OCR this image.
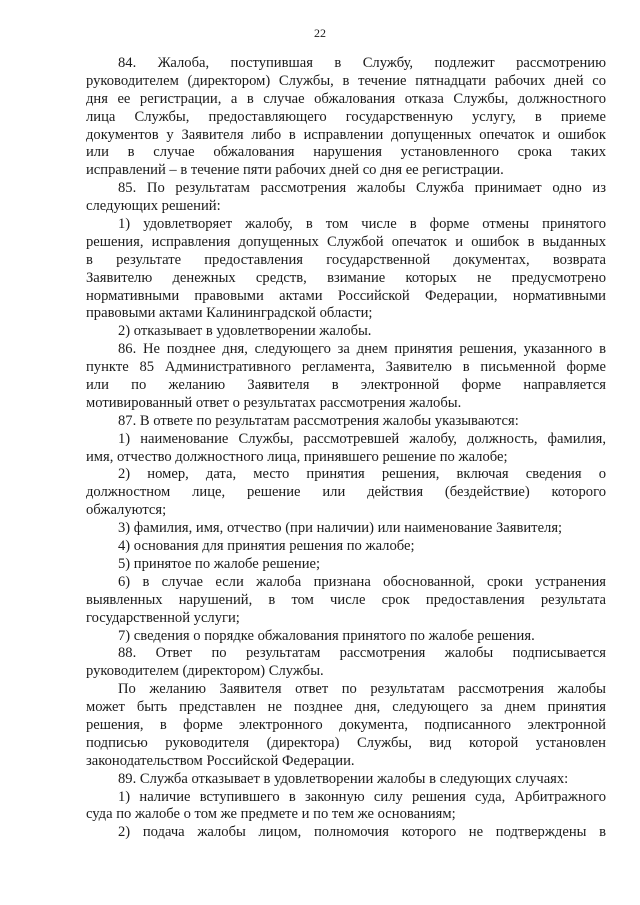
22
84. Жалоба, поступившая в Службу, подлежит рассмотрению
руководителем (директором) Службы, в течение пятнадцати рабочих дней со
дня ее регистрации, а в случае обжалования отказа Службы, должностного
лица Службы, предоставляющего государственную услугу, в приеме
документов у Заявителя либо в исправлении допущенных опечаток и ошибок
или в случае обжалования нарушения установленного срока таких
исправлений – в течение пяти рабочих дней со дня ее регистрации.
85. По результатам рассмотрения жалобы Служба принимает одно из
следующих решений:
1) удовлетворяет жалобу, в том числе в форме отмены принятого
решения, исправления допущенных Службой опечаток и ошибок в выданных
в результате предоставления государственной документах, возврата
Заявителю денежных средств, взимание которых не предусмотрено
нормативными правовыми актами Российской Федерации, нормативными
правовыми актами Калининградской области;
2) отказывает в удовлетворении жалобы.
86. Не позднее дня, следующего за днем принятия решения, указанного в
пункте 85 Административного регламента, Заявителю в письменной форме
или по желанию Заявителя в электронной форме направляется
мотивированный ответ о результатах рассмотрения жалобы.
87. В ответе по результатам рассмотрения жалобы указываются:
1) наименование Службы, рассмотревшей жалобу, должность, фамилия,
имя, отчество должностного лица, принявшего решение по жалобе;
2) номер, дата, место принятия решения, включая сведения о
должностном лице, решение или действия (бездействие) которого
обжалуются;
3) фамилия, имя, отчество (при наличии) или наименование Заявителя;
4) основания для принятия решения по жалобе;
5) принятое по жалобе решение;
6) в случае если жалоба признана обоснованной, сроки устранения
выявленных нарушений, в том числе срок предоставления результата
государственной услуги;
7) сведения о порядке обжалования принятого по жалобе решения.
88. Ответ по результатам рассмотрения жалобы подписывается
руководителем (директором) Службы.
По желанию Заявителя ответ по результатам рассмотрения жалобы
может быть представлен не позднее дня, следующего за днем принятия
решения, в форме электронного документа, подписанного электронной
подписью руководителя (директора) Службы, вид которой установлен
законодательством Российской Федерации.
89. Служба отказывает в удовлетворении жалобы в следующих случаях:
1) наличие вступившего в законную силу решения суда, Арбитражного
суда по жалобе о том же предмете и по тем же основаниям;
2) подача жалобы лицом, полномочия которого не подтверждены в
